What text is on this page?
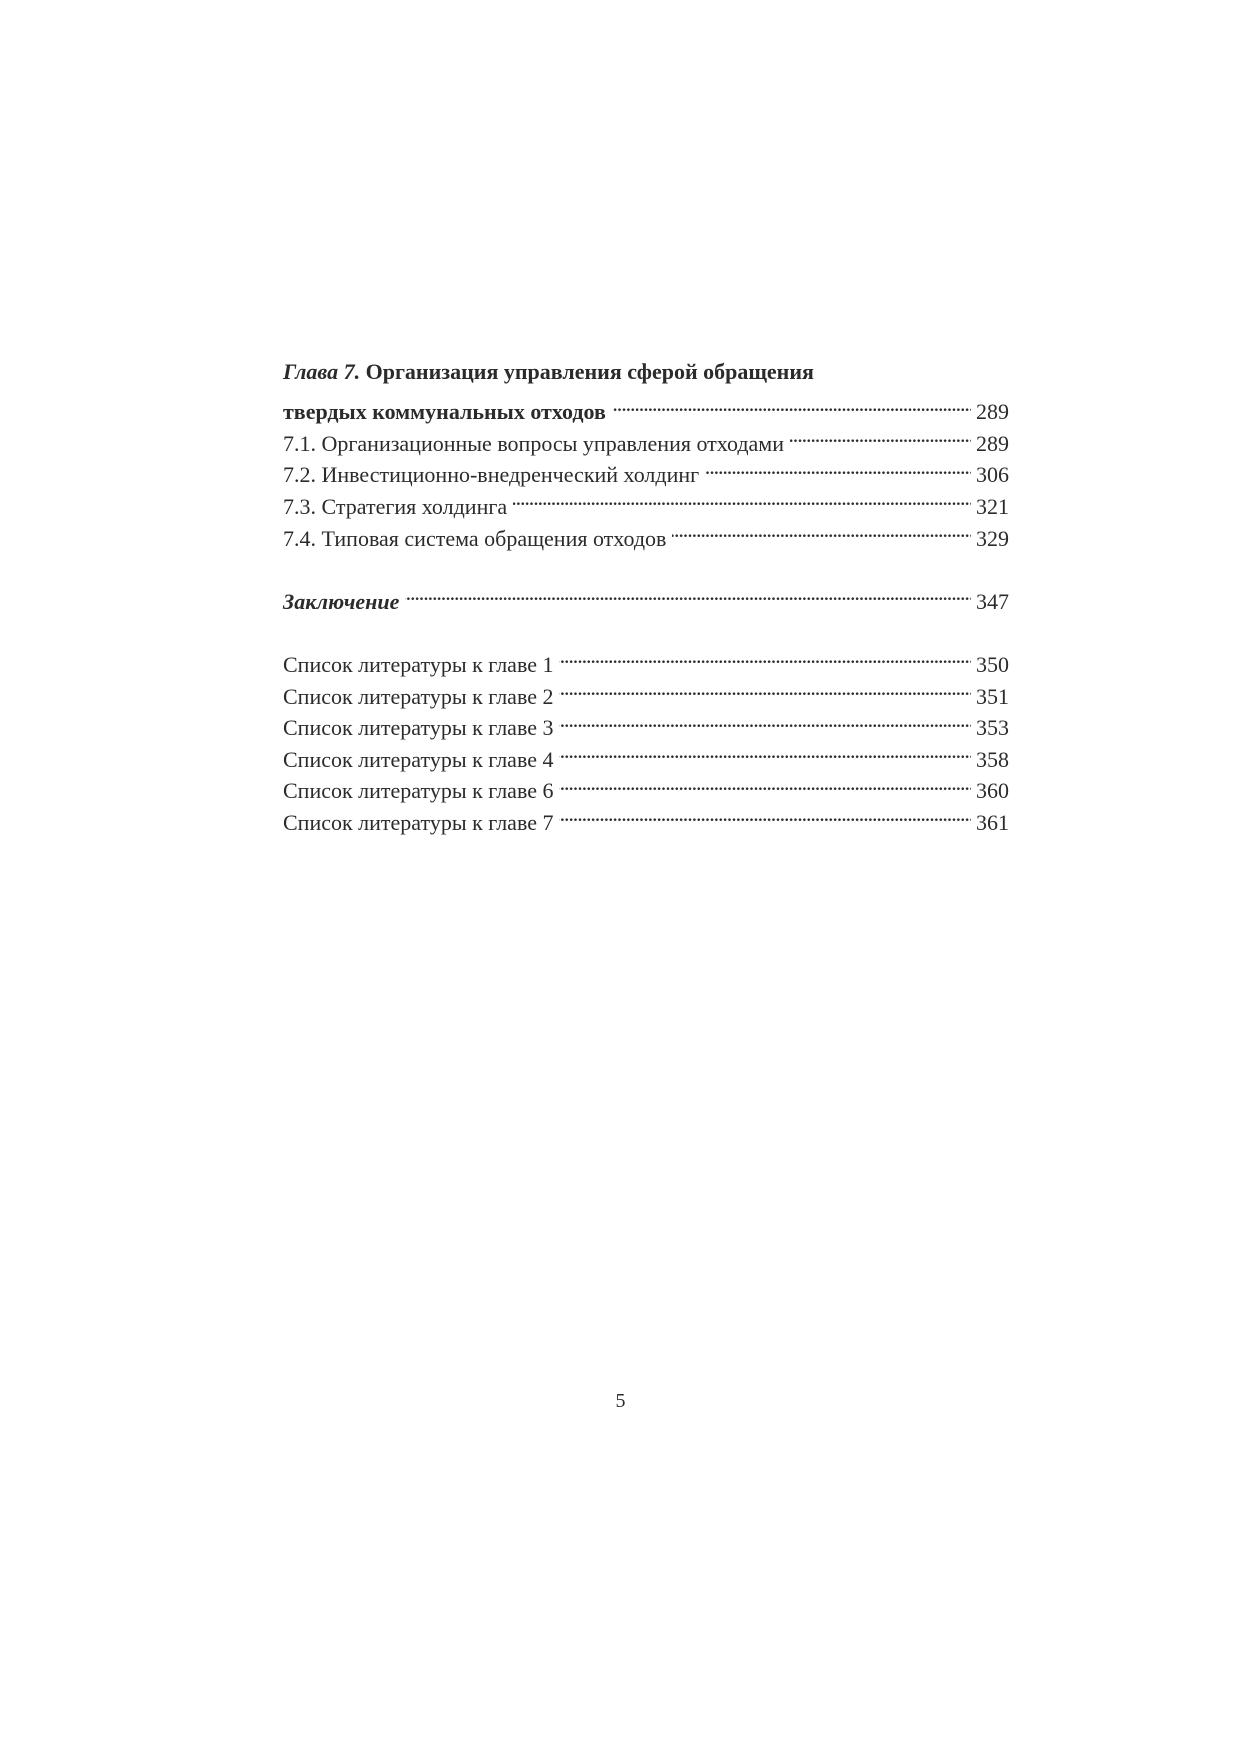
Глава 7. Организация управления сферой обращения
твердых коммунальных отходов . . .	289
7.1. Организационные вопросы управления отходами . . .	289
7.2. Инвестиционно-внедренческий холдинг . . .	306
7.3. Стратегия холдинга . . .	321
7.4. Типовая система обращения отходов . . .	329
Заключение . . .	347
Список литературы к главе 1 . . .	350
Список литературы к главе 2 . . .	351
Список литературы к главе 3 . . .	353
Список литературы к главе 4 . . .	358
Список литературы к главе 6 . . .	360
Список литературы к главе 7 . . .	361
5
